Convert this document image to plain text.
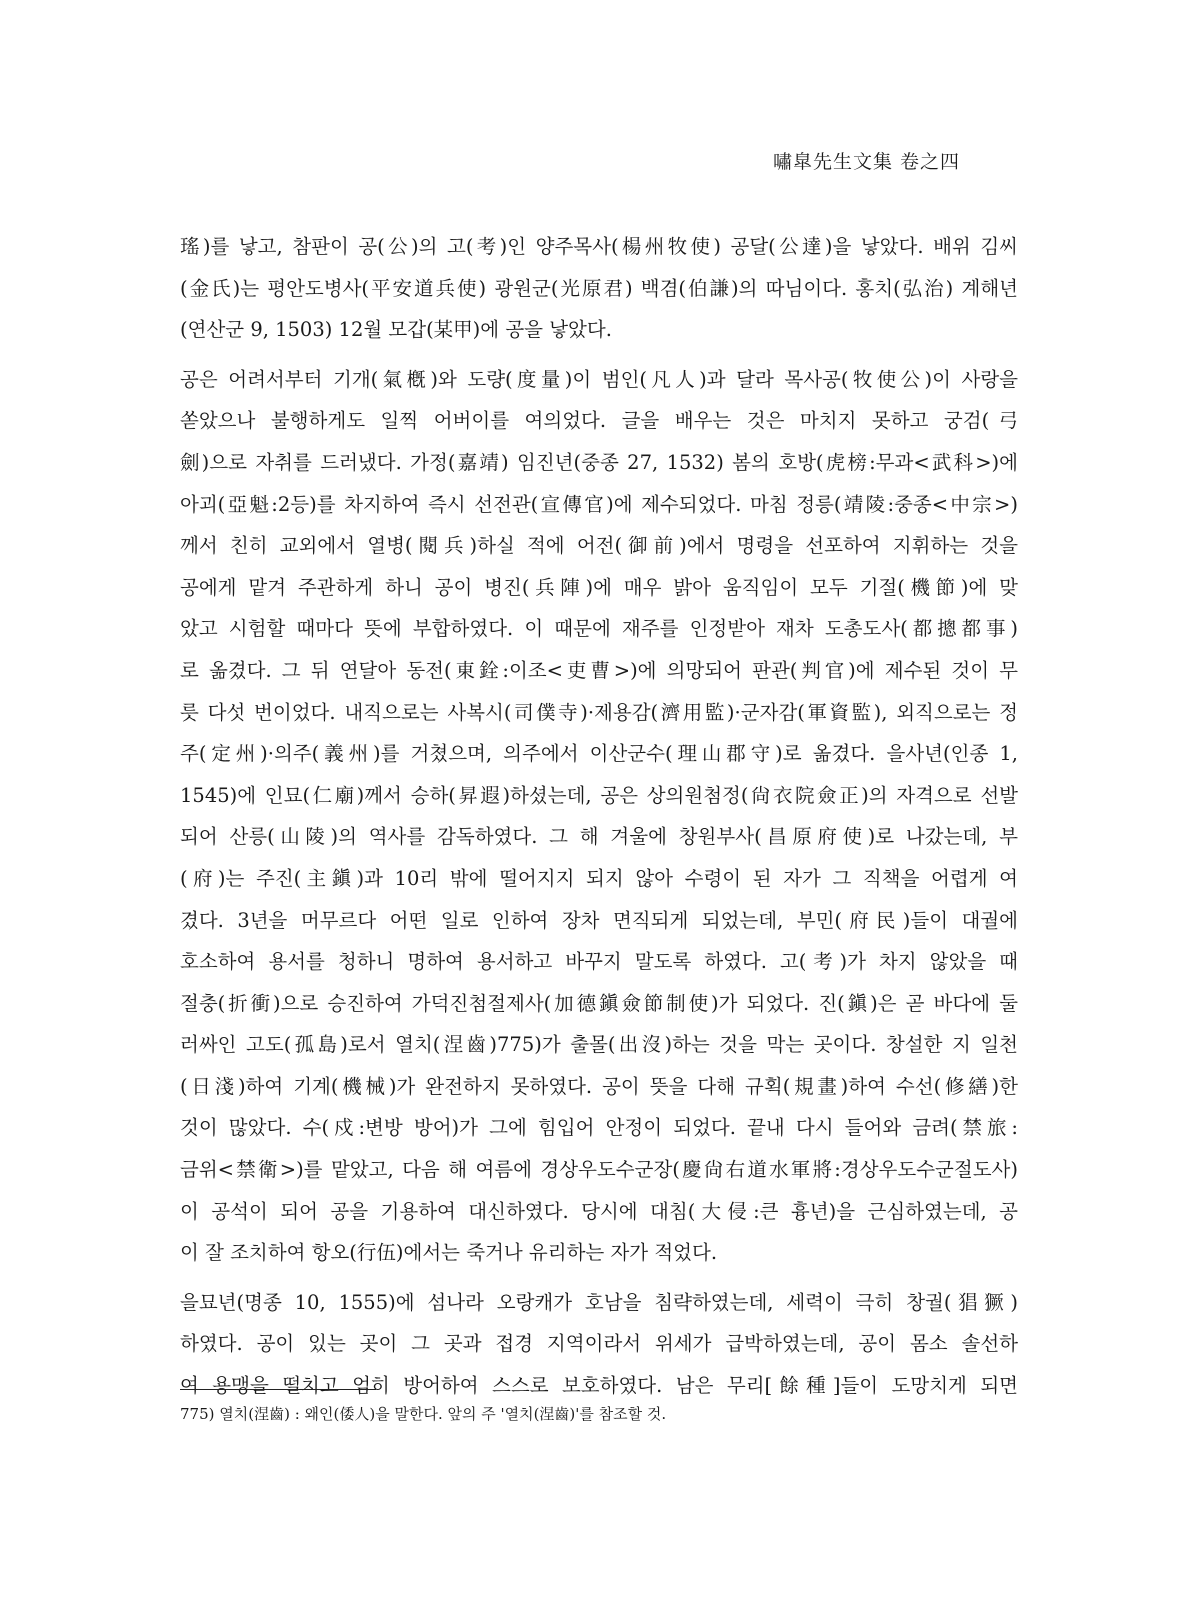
嘯皐先生文集 卷之四
瑤)를 낳고, 참판이 공(公)의 고(考)인 양주목사(楊州牧使) 공달(公達)을 낳았다. 배위 김씨
(金氏)는 평안도병사(平安道兵使) 광원군(光原君) 백겸(伯謙)의 따님이다. 홍치(弘治) 계해년
(연산군 9, 1503) 12월 모갑(某甲)에 공을 낳았다.
공은 어려서부터 기개(氣槪)와 도량(度量)이 범인(凡人)과 달라 목사공(牧使公)이 사랑을
쏟았으나 불행하게도 일찍 어버이를 여의었다. 글을 배우는 것은 마치지 못하고 궁검(弓
劍)으로 자취를 드러냈다. 가정(嘉靖) 임진년(중종 27, 1532) 봄의 호방(虎榜:무과<武科>)에
아괴(亞魁:2등)를 차지하여 즉시 선전관(宣傳官)에 제수되었다. 마침 정릉(靖陵:중종<中宗>)
께서 친히 교외에서 열병(閱兵)하실 적에 어전(御前)에서 명령을 선포하여 지휘하는 것을
공에게 맡겨 주관하게 하니 공이 병진(兵陣)에 매우 밝아 움직임이 모두 기절(機節)에 맞
았고 시험할 때마다 뜻에 부합하였다. 이 때문에 재주를 인정받아 재차 도총도사(都摠都事)
로 옮겼다. 그 뒤 연달아 동전(東銓:이조<吏曹>)에 의망되어 판관(判官)에 제수된 것이 무
릇 다섯 번이었다. 내직으로는 사복시(司僕寺)·제용감(濟用監)·군자감(軍資監), 외직으로는 정
주(定州)·의주(義州)를 거쳤으며, 의주에서 이산군수(理山郡守)로 옮겼다. 을사년(인종 1,
1545)에 인묘(仁廟)께서 승하(昇遐)하셨는데, 공은 상의원첨정(尙衣院僉正)의 자격으로 선발
되어 산릉(山陵)의 역사를 감독하였다. 그 해 겨울에 창원부사(昌原府使)로 나갔는데, 부
(府)는 주진(主鎭)과 10리 밖에 떨어지지 되지 않아 수령이 된 자가 그 직책을 어렵게 여
겼다. 3년을 머무르다 어떤 일로 인하여 장차 면직되게 되었는데, 부민(府民)들이 대궐에
호소하여 용서를 청하니 명하여 용서하고 바꾸지 말도록 하였다. 고(考)가 차지 않았을 때
절충(折衝)으로 승진하여 가덕진첨절제사(加德鎭僉節制使)가 되었다. 진(鎭)은 곧 바다에 둘
러싸인 고도(孤島)로서 열치(涅齒)775)가 출몰(出沒)하는 것을 막는 곳이다. 창설한 지 일천
(日淺)하여 기계(機械)가 완전하지 못하였다. 공이 뜻을 다해 규획(規畫)하여 수선(修繕)한
것이 많았다. 수(戍:변방 방어)가 그에 힘입어 안정이 되었다. 끝내 다시 들어와 금려(禁旅:
금위<禁衛>)를 맡았고, 다음 해 여름에 경상우도수군장(慶尙右道水軍將:경상우도수군절도사)
이 공석이 되어 공을 기용하여 대신하였다. 당시에 대침(大侵:큰 흉년)을 근심하였는데, 공
이 잘 조치하여 항오(行伍)에서는 죽거나 유리하는 자가 적었다.
을묘년(명종 10, 1555)에 섬나라 오랑캐가 호남을 침략하였는데, 세력이 극히 창궐(猖獗)
하였다. 공이 있는 곳이 그 곳과 접경 지역이라서 위세가 급박하였는데, 공이 몸소 솔선하
여 용맹을 떨치고 엄히 방어하여 스스로 보호하였다. 남은 무리[餘種]들이 도망치게 되면
775) 열치(涅齒) : 왜인(倭人)을 말한다. 앞의 주 '열치(涅齒)'를 참조할 것.
